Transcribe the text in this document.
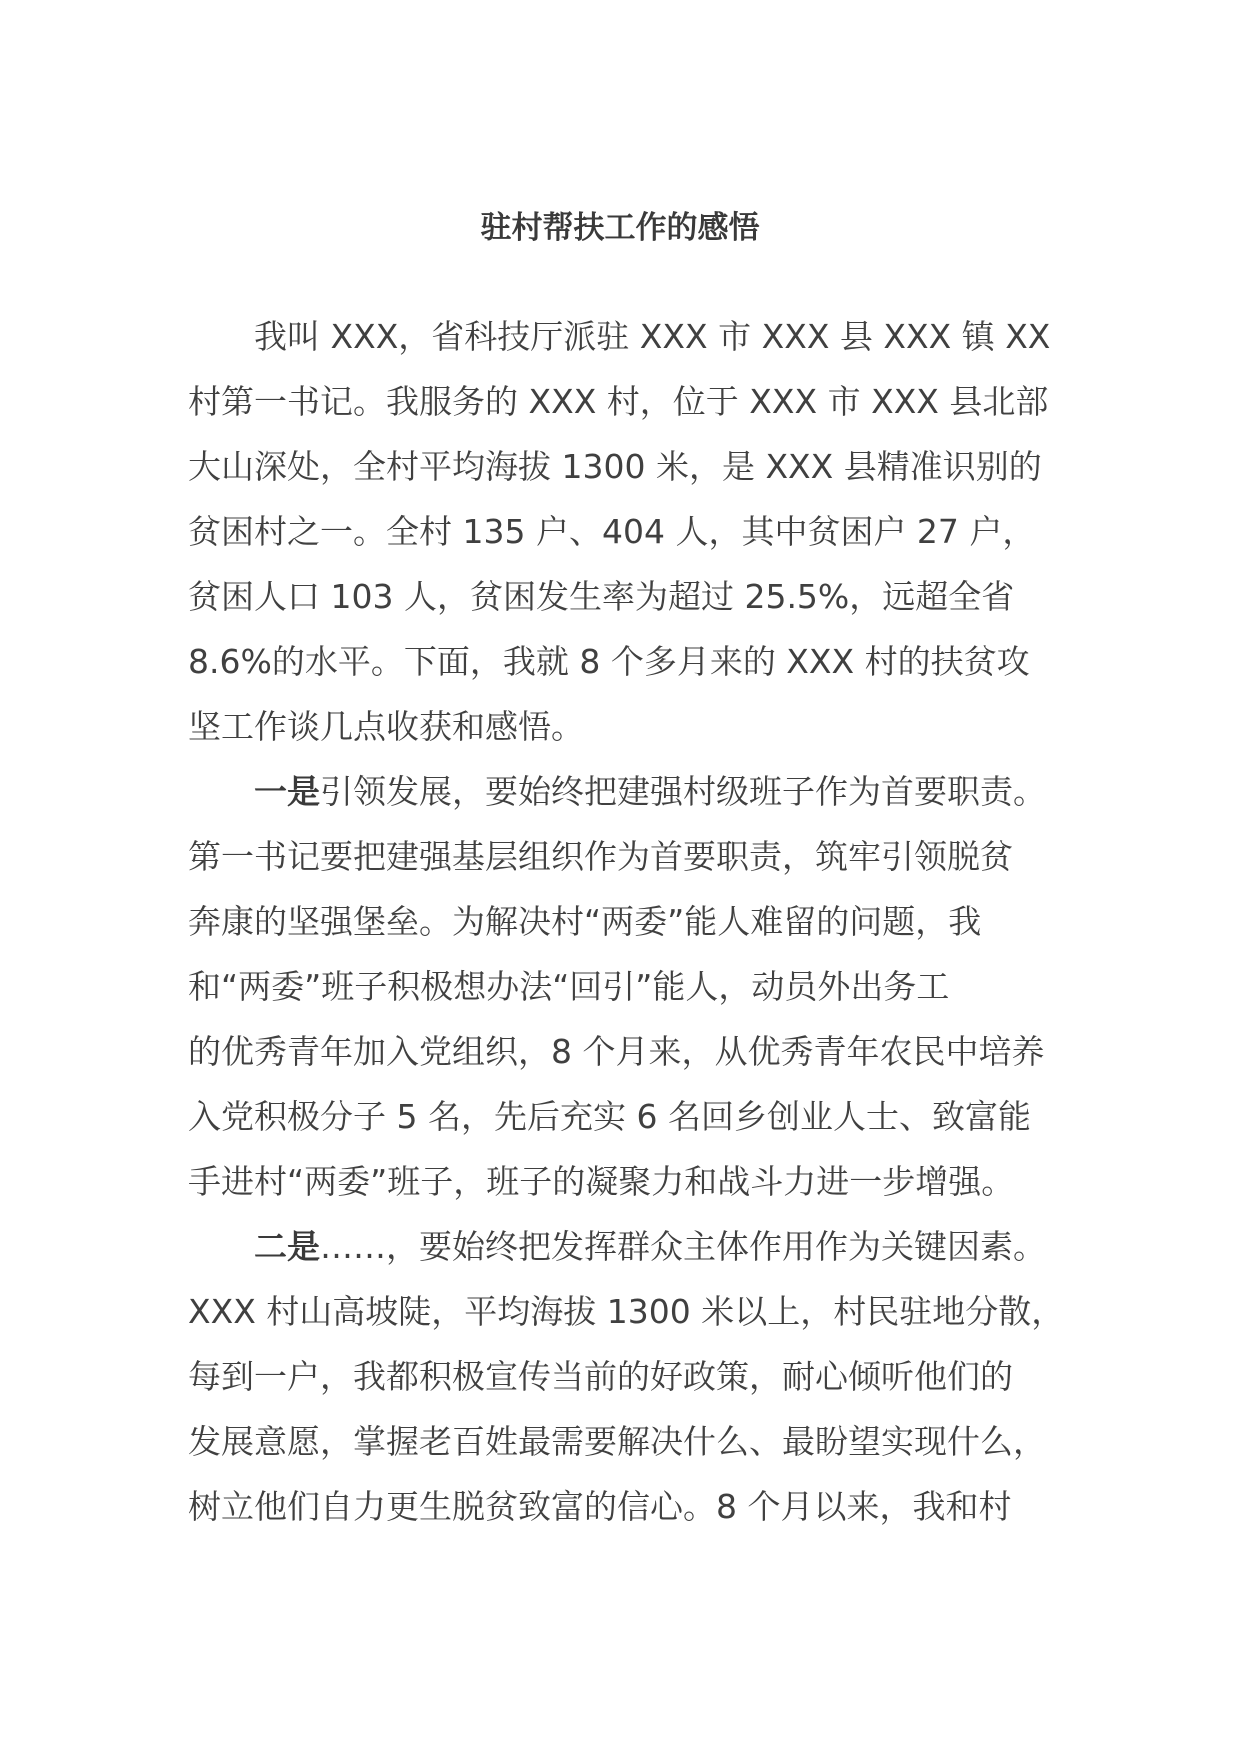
驻村帮扶工作的感悟
我叫 XXX，省科技厅派驻 XXX 市 XXX 县 XXX 镇 XX
村第一书记。我服务的 XXX 村，位于 XXX 市 XXX 县北部
大山深处，全村平均海拔 1300 米，是 XXX 县精准识别的
贫困村之一。全村 135 户、404 人，其中贫困户 27 户，
贫困人口 103 人，贫困发生率为超过 25.5%，远超全省
8.6%的水平。下面，我就 8 个多月来的 XXX 村的扶贫攻
坚工作谈几点收获和感悟。
一是引领发展，要始终把建强村级班子作为首要职责。
第一书记要把建强基层组织作为首要职责，筑牢引领脱贫
奔康的坚强堡垒。为解决村“两委”能人难留的问题，我
和“两委”班子积极想办法“回引”能人，动员外出务工
的优秀青年加入党组织，8 个月来，从优秀青年农民中培养
入党积极分子 5 名，先后充实 6 名回乡创业人士、致富能
手进村“两委”班子，班子的凝聚力和战斗力进一步增强。
二是……，要始终把发挥群众主体作用作为关键因素。
XXX 村山高坡陡，平均海拔 1300 米以上，村民驻地分散，
每到一户，我都积极宣传当前的好政策，耐心倾听他们的
发展意愿，掌握老百姓最需要解决什么、最盼望实现什么，
树立他们自力更生脱贫致富的信心。8 个月以来，我和村
